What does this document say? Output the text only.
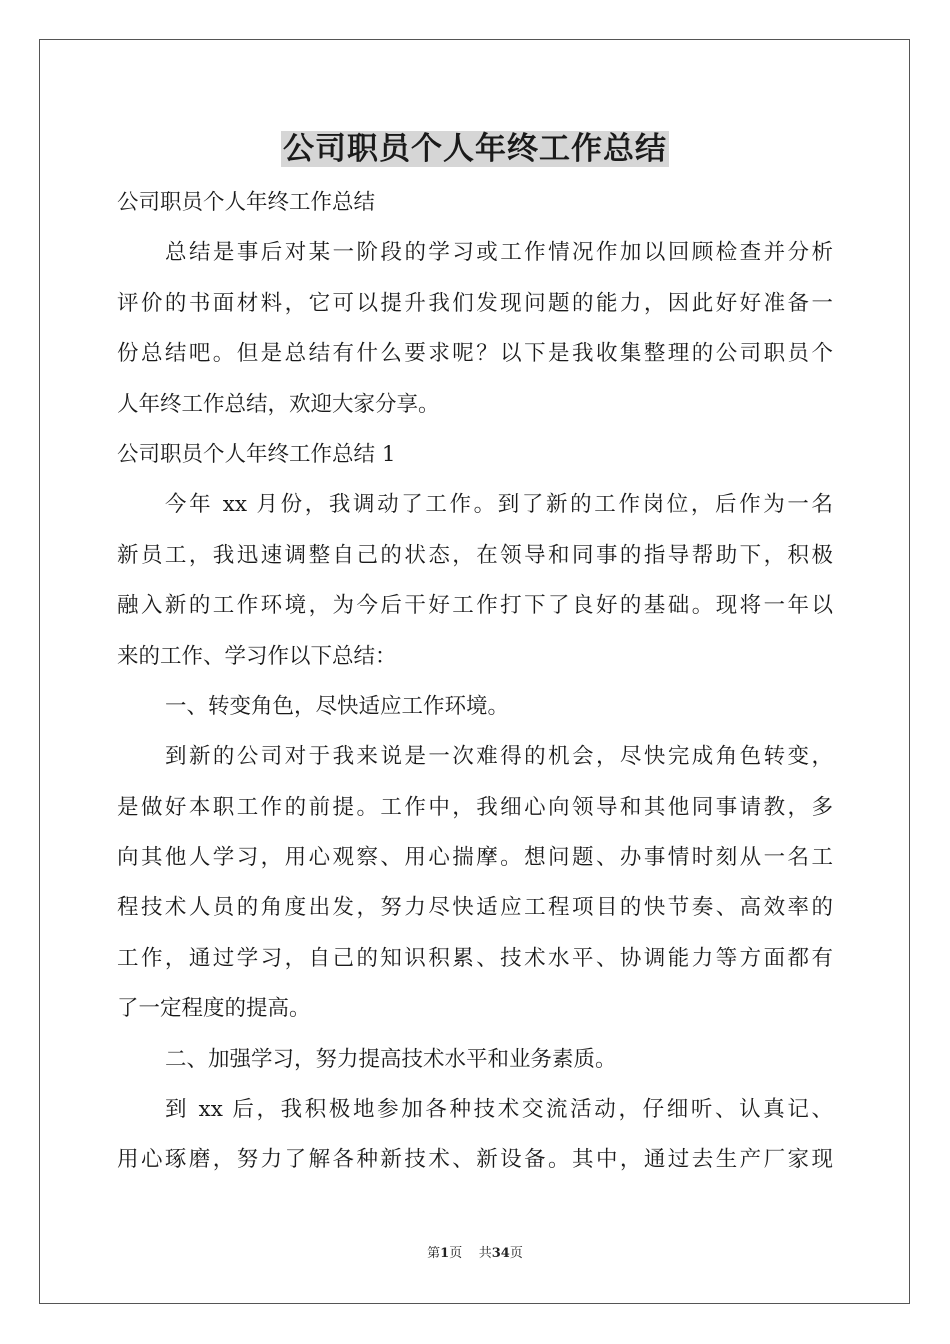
公司职员个人年终工作总结
公司职员个人年终工作总结
总结是事后对某一阶段的学习或工作情况作加以回顾检查并分析
评价的书面材料，它可以提升我们发现问题的能力，因此好好准备一
份总结吧。但是总结有什么要求呢？以下是我收集整理的公司职员个
人年终工作总结，欢迎大家分享。
公司职员个人年终工作总结 1
今年 xx 月份，我调动了工作。到了新的工作岗位，后作为一名
新员工，我迅速调整自己的状态，在领导和同事的指导帮助下，积极
融入新的工作环境，为今后干好工作打下了良好的基础。现将一年以
来的工作、学习作以下总结：
一、转变角色，尽快适应工作环境。
到新的公司对于我来说是一次难得的机会，尽快完成角色转变，
是做好本职工作的前提。工作中，我细心向领导和其他同事请教，多
向其他人学习，用心观察、用心揣摩。想问题、办事情时刻从一名工
程技术人员的角度出发，努力尽快适应工程项目的快节奏、高效率的
工作，通过学习，自己的知识积累、技术水平、协调能力等方面都有
了一定程度的提高。
二、加强学习，努力提高技术水平和业务素质。
到 xx 后，我积极地参加各种技术交流活动，仔细听、认真记、
用心琢磨，努力了解各种新技术、新设备。其中，通过去生产厂家现
第1页 共34页
